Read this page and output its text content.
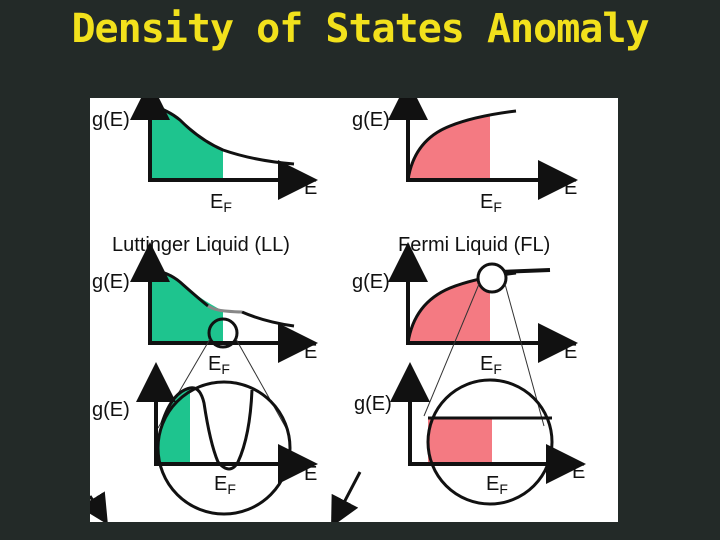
Density of States Anomaly
g(E)
E
$E_F$
Luttinger Liquid (LL)
g(E)
E
$E_F$
g(E)
E
$E_F$
g(E)
E
$E_F$
Fermi Liquid (FL)
g(E)
E
$E_F$
g(E)
E
$E_F$
